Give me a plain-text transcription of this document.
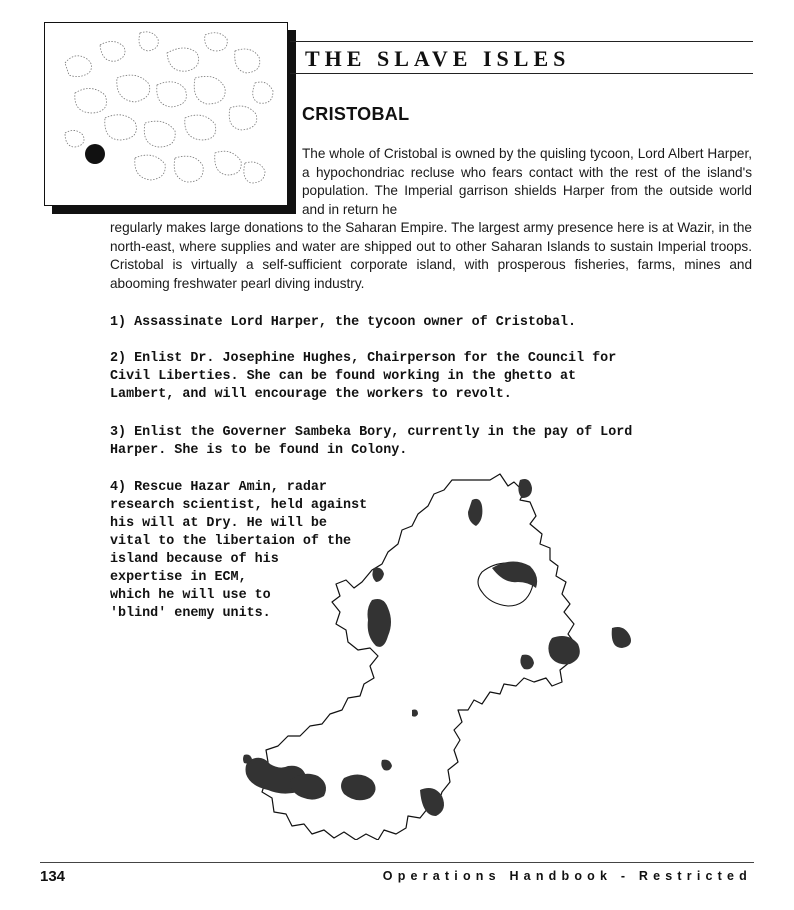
THE SLAVE ISLES
CRISTOBAL
The whole of Cristobal is owned by the quisling tycoon, Lord Albert Harper, a hypochondriac recluse who fears contact with the rest of the island's population. The Imperial garrison shields Harper from the outside world and in return he
regularly makes large donations to the Saharan Empire. The largest army presence here is at Wazir, in the north-east, where supplies and water are shipped out to other Saharan Islands to sustain Imperial troops. Cristobal is virtually a self-sufficient corporate island, with prosperous fisheries, farms, mines and abooming freshwater pearl diving industry.
1) Assassinate Lord Harper, the tycoon owner of Cristobal.
2) Enlist Dr. Josephine Hughes, Chairperson for the Council for
Civil Liberties. She can be found working in the ghetto at
Lambert, and will encourage the workers to revolt.
3) Enlist the Governer Sambeka Bory, currently in the pay of Lord
Harper. She is to be found in Colony.
4) Rescue Hazar Amin, radar
research scientist, held against
his will at Dry. He will be
vital to the libertaion of the
island because of his
expertise in ECM,
which he will use to
'blind' enemy units.
134	Operations Handbook - Restricted
